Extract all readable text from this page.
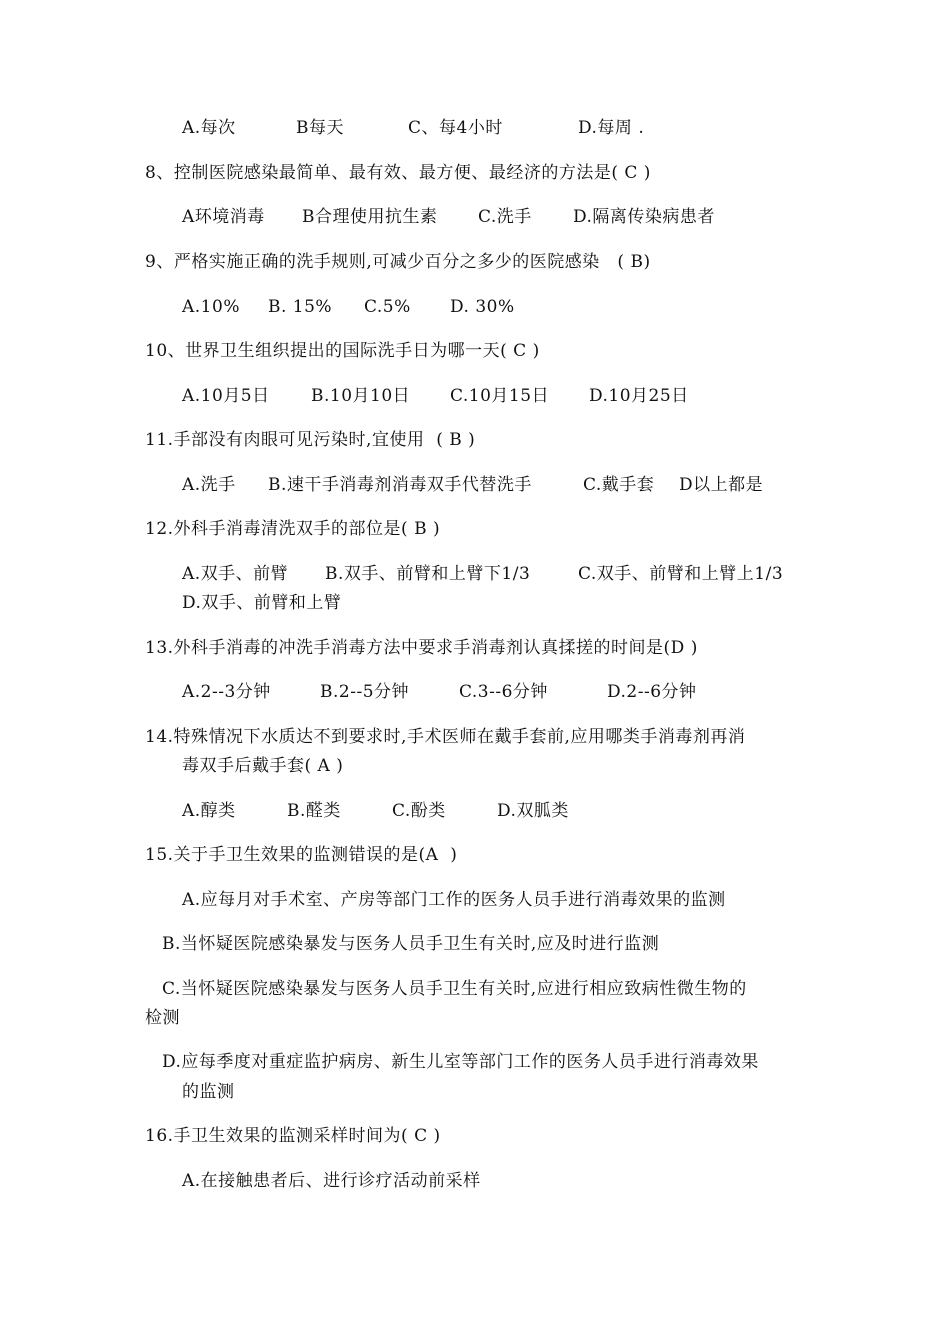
A.每次

	B每天

	C、每4小时

	D.每周 .

8、控制医院感染最简单、最有效、最方便、最经济的方法是( C )

A环境消毒

B合理使用抗生素

C.洗手

D.隔离传染病患者

9、严格实施正确的洗手规则,可减少百分之多少的医院感染   ( B)

A.10%

B. 15%

C.5%

D. 30%

10、世界卫生组织提出的国际洗手日为哪一天( C )

A.10月5日

B.10月10日

C.10月15日

D.10月25日

11.手部没有肉眼可见污染时,宜使用  ( B )

A.洗手

B.速干手消毒剂消毒双手代替洗手

	C.戴手套

D以上都是

12.外科手消毒清洗双手的部位是( B )

A.双手、前臂

B.双手、前臂和上臂下1/3

	C.双手、前臂和上臂上1/3

D.双手、前臂和上臂
13.外科手消毒的冲洗手消毒方法中要求手消毒剂认真揉搓的时间是(D )

A.2--3分钟

	B.2--5分钟

	C.3--6分钟

	D.2--6分钟

14.特殊情况下水质达不到要求时,手术医师在戴手套前,应用哪类手消毒剂再消
毒双手后戴手套( A )

A.醇类

	B.醛类

	C.酚类

	D.双胍类

15.关于手卫生效果的监测错误的是(A  )
A.应每月对手术室、产房等部门工作的医务人员手进行消毒效果的监测
B.当怀疑医院感染暴发与医务人员手卫生有关时,应及时进行监测
C.当怀疑医院感染暴发与医务人员手卫生有关时,应进行相应致病性微生物的
检测
D.应每季度对重症监护病房、新生儿室等部门工作的医务人员手进行消毒效果
的监测
16.手卫生效果的监测采样时间为( C )
A.在接触患者后、进行诊疗活动前采样
